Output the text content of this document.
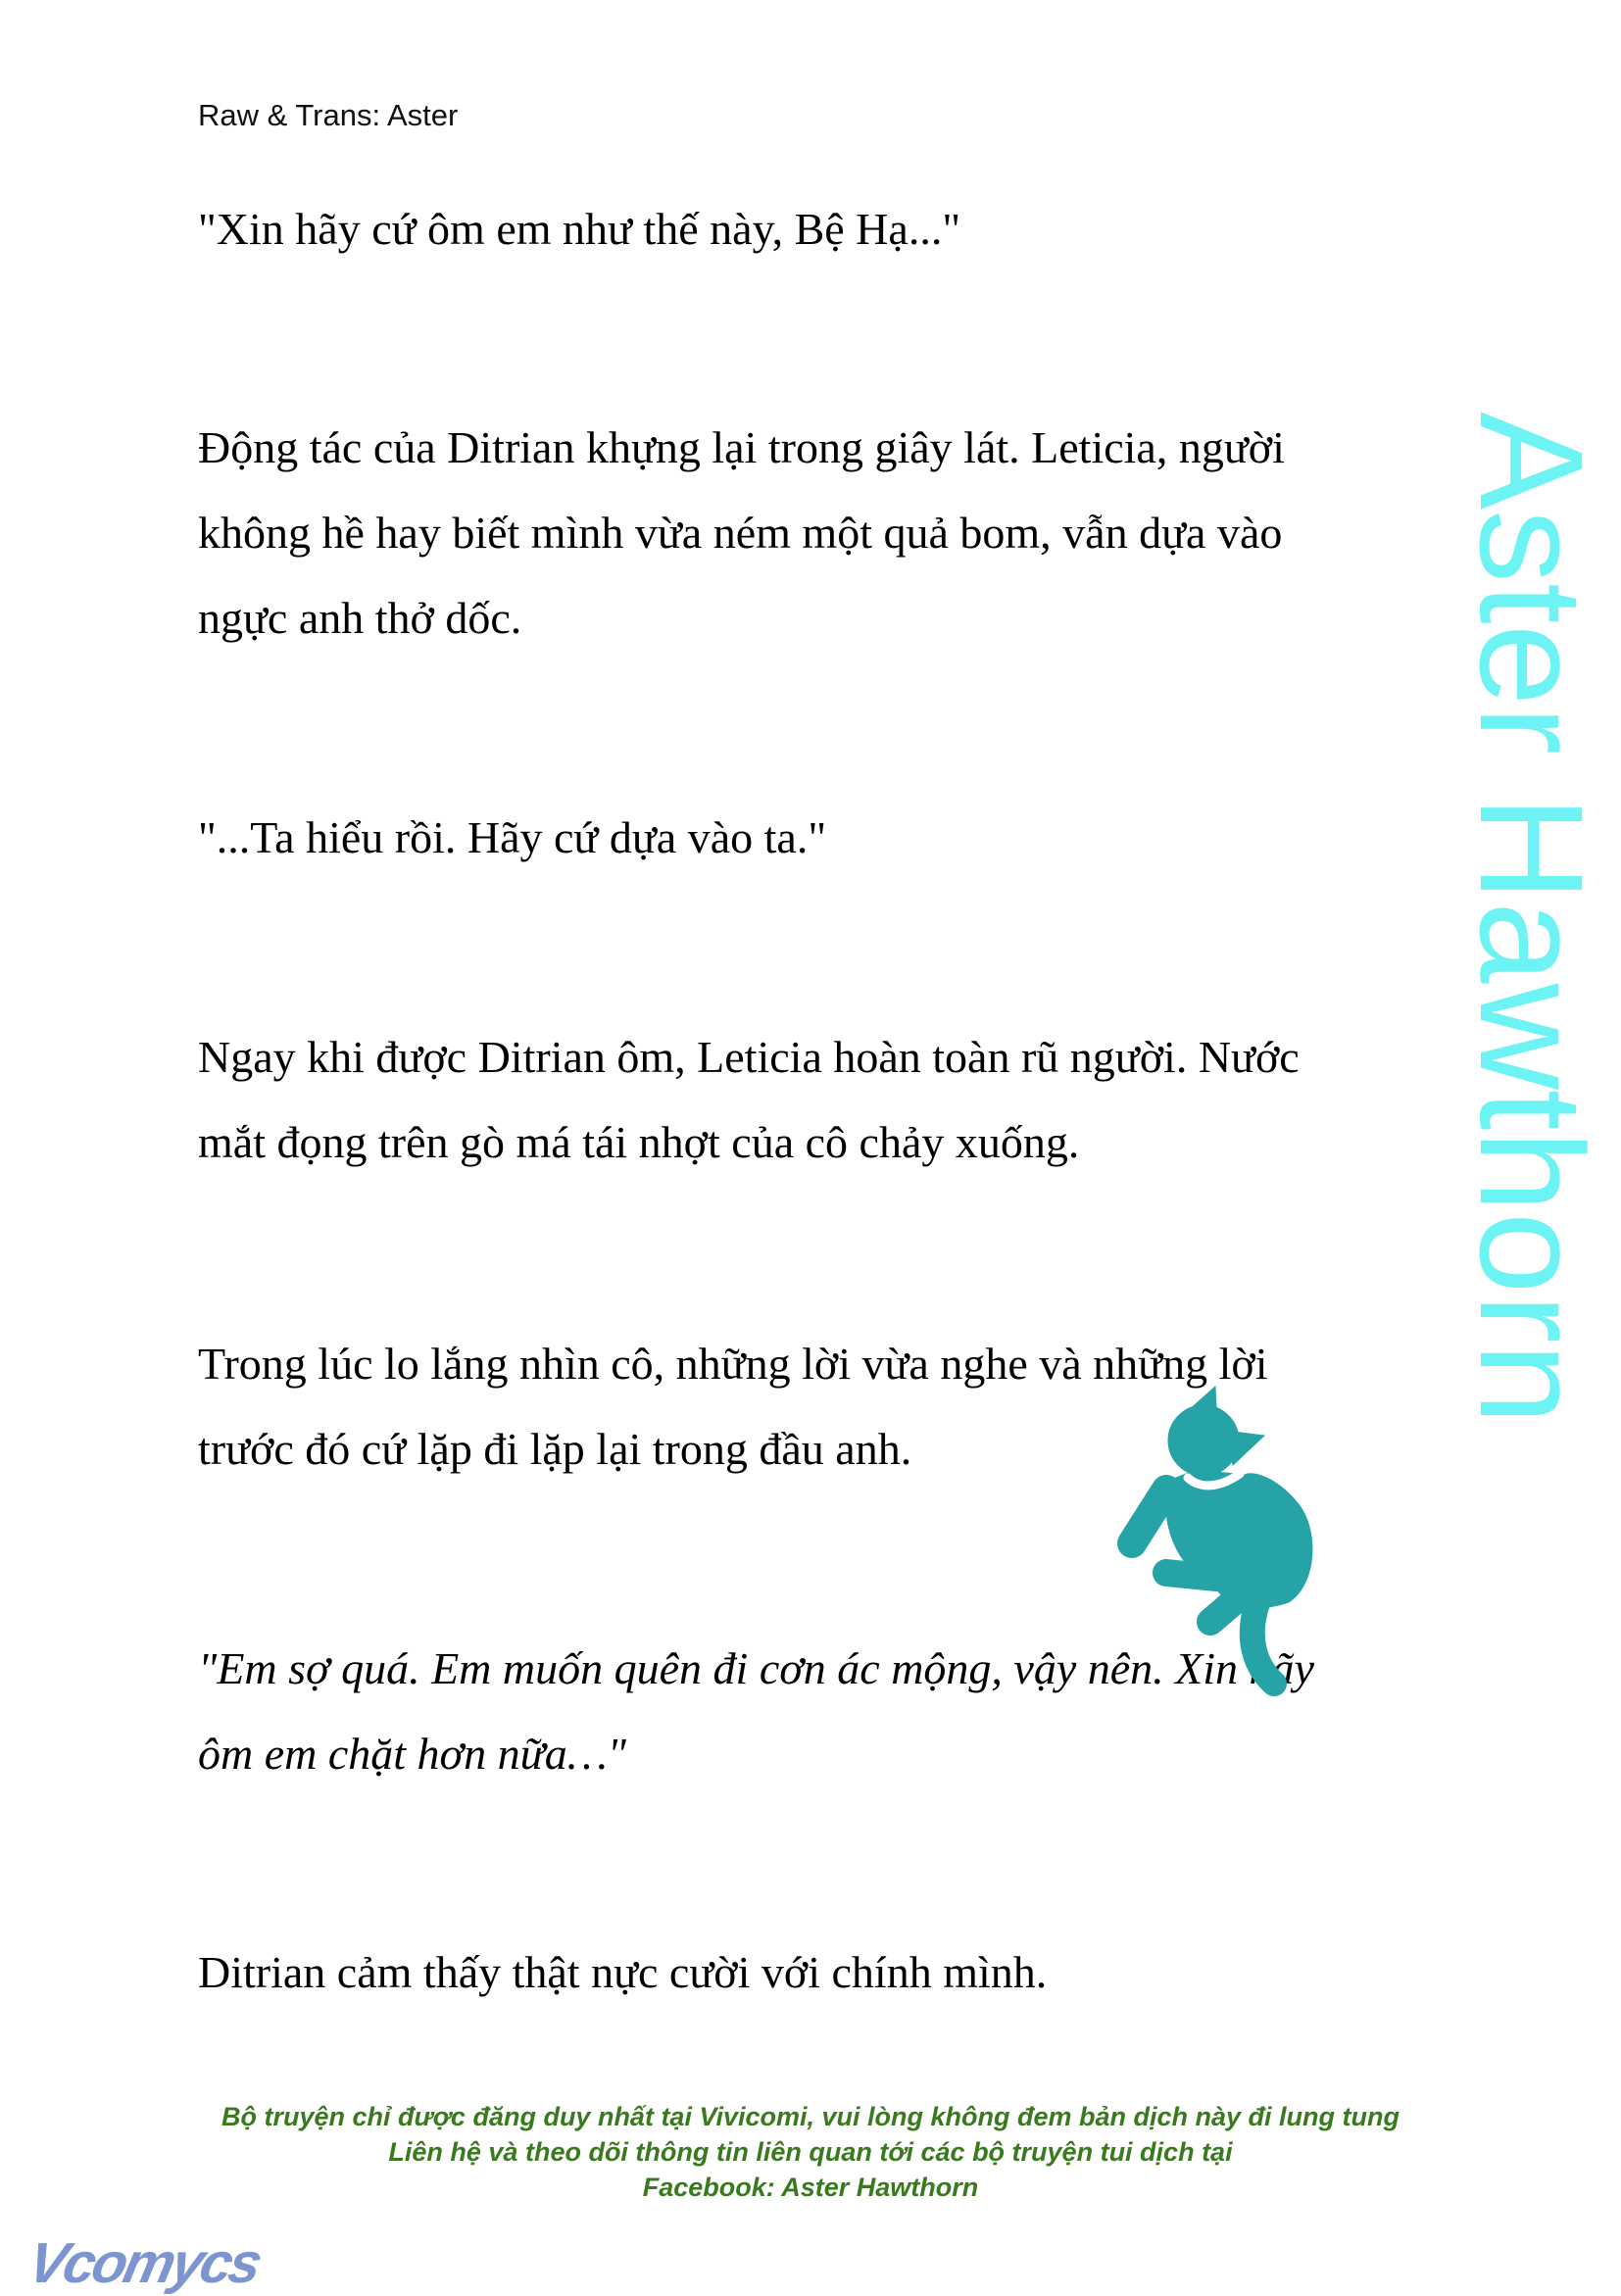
Raw & Trans: Aster
"Xin hãy cứ ôm em như thế này, Bệ Hạ..."
Động tác của Ditrian khựng lại trong giây lát. Leticia, người
không hề hay biết mình vừa ném một quả bom, vẫn dựa vào
ngực anh thở dốc.
"...Ta hiểu rồi. Hãy cứ dựa vào ta."
Ngay khi được Ditrian ôm, Leticia hoàn toàn rũ người. Nước
mắt đọng trên gò má tái nhợt của cô chảy xuống.
Trong lúc lo lắng nhìn cô, những lời vừa nghe và những lời
trước đó cứ lặp đi lặp lại trong đầu anh.
"Em sợ quá. Em muốn quên đi cơn ác mộng, vậy nên. Xin hãy
ôm em chặt hơn nữa…"
Ditrian cảm thấy thật nực cười với chính mình.
Aster Hawthorn
Bộ truyện chỉ được đăng duy nhất tại Vivicomi, vui lòng không đem bản dịch này đi lung tung
Liên hệ và theo dõi thông tin liên quan tới các bộ truyện tui dịch tại
Facebook: Aster Hawthorn
Vcomycs
